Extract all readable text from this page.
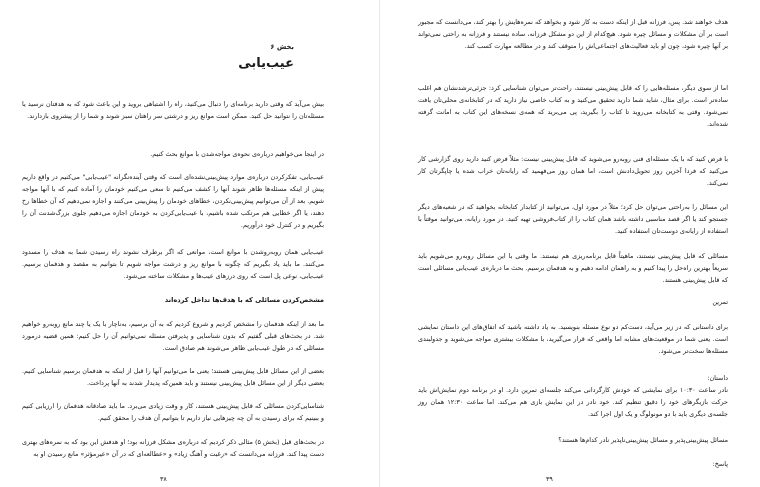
بخش ۶
عیب‌یابی
بیش می‌آید که وقتی دارید برنامه‌ای را دنبال می‌کنید، راه را اشتباهی بروید و این باعث شود که به هدفتان نرسید یا مسئله‌تان را نتوانید حل کنید. ممکن است موانع ریز و درشتی سر راهتان سبز شوند و شما را از پیشروی بازدارند.
در اینجا می‌خواهیم درباره‌ی نحوه‌ی مواجه‌شدن با موانع بحث کنیم.
عیب‌یابی، تفکرکردن درباره‌ی موارد پیش‌بینی‌نشده‌ای است که وقتی آینده‌نگرانه "عیب‌یابی" می‌کنیم در واقع داریم پیش از اینکه مسئله‌ها ظاهر شوند آنها را کشف می‌کنیم تا سعی می‌کنیم خودمان را آماده کنیم که با آنها مواجه شویم. بعد از آن می‌توانیم پیش‌بینی‌نکردن، خطاهای خودمان را پیش‌بینی می‌کنند و اجازه نمی‌دهیم که آن خطاها رخ دهند، یا اگر خطایی هم مرتکب شده باشیم، با عیب‌یابی‌کردن به خودمان اجازه می‌دهیم جلوی بزرگ‌شدنت آن را بگیریم و در کنترل خود درآوریم.
عیب‌یابی همان روبه‌روشدن با موانع است، موانعی که اگر برطرف نشوند راه رسیدن شما به هدف را مسدود می‌کنند. ما باید یاد بگیریم که چگونه با موانع ریز و درشت مواجه شویم تا بتوانیم به مقصد و هدفمان برسیم. عیب‌یابی، نوعی پل است که روی درزهای عیب‌ها و مشکلات ساخته می‌شود.
مشخص‌کردن مسائلی که با هدف‌ها تداخل کرده‌اند
ما بعد از اینکه هدفمان را مشخص کردیم و شروع کردیم که به آن برسیم، به‌ناچار با یک یا چند مانع روبه‌رو خواهیم شد. در بحث‌های قبلی گفتیم که بدون شناسایی و پذیرفتن مسئله نمی‌توانیم آن را حل کنیم: همین قضیه درمورد مسائلی که در طول عیب‌یابی ظاهر می‌شوند هم صادق است.
بعضی از این مسائل قابل پیش‌بینی هستند؛ یعنی ما می‌توانیم آنها را قبل از اینکه به هدفمان برسیم شناسایی کنیم. بعضی دیگر از این مسائل قابل پیش‌بینی نیستند و باید همین‌که پدیدار شدند به آنها پرداخت.
شناسایی‌کردن مسائلی که قابل پیش‌بینی هستند، کار و وقت زیادی می‌برد. ما باید صادقانه هدفمان را ارزیابی کنیم و ببینیم که برای رسیدن به آن چه چیزهایی نیاز داریم تا بتوانیم آن هدف را محقق کنیم.
در بحث‌های قبل (بخش ۵) مثالی ذکر کردیم که درباره‌ی مشکل فرزانه بود؛ او هدفش این بود که به نمره‌های بهتری دست پیدا کند. فرزانه می‌دانست که «رغبت و آهنگ زیاد» و «عطالعه‌ای که در آن «عیرمؤثر» مانع رسیدن او به
۳۸
هدف خواهند شد. پس، فرزانه قبل از اینکه دست به کار شود و بخواهد که نمره‌هایش را بهتر کند، می‌دانست که مجبور است بر آن مشکلات و مسائل چیره شود. هیچ‌کدام از این دو مشکل فرزانه، ساده نیستند و فرزانه به راحتی نمی‌تواند بر آنها چیره شود، چون او باید فعالیت‌های اجتماعی‌اش را متوقف کند و در مطالعه مهارت کسب کند.
اما از سوی دیگر، مسئله‌هایی را که قابل پیش‌بینی نیستند، راحت‌تر می‌توان شناسایی کرد: جزئی‌ترشدنشان هم اغلب ساده‌تر است. برای مثال، شاید شما دارید تحقیق می‌کنید و به کتاب خاصی نیاز دارید که در کتابخانه‌ی محلی‌تان یافت نمی‌شود. وقتی به کتابخانه می‌روید تا کتاب را بگیرید، پی می‌برید که همه‌ی نسخه‌های این کتاب به امانت گرفته شده‌اند.
با فرض کنید که با یک مسئله‌ای فنی روبه‌رو می‌شوید که قابل پیش‌بینی نیست: مثلاً فرض کنید دارید روی گزارشی کار می‌کنید که فردا آخرین روز تحویل‌دادنش است، اما همان روز می‌فهمید که رایانه‌تان خراب شده یا چاپگرتان کار نمی‌کند.
این مسائل را به‌راحتی می‌توان حل کرد؛ مثلاً در مورد اول، می‌توانید از کتابدار کتابخانه بخواهید که در شعبه‌های دیگر جستجو کند یا اگر قصد مناسبی داشته باشد همان کتاب را از کتاب‌فروشی تهیه کنید. در مورد رایانه، می‌توانید موقتاً با استفاده از رایانه‌ی دوست‌تان استفاده کنید.
مسائلی که قابل پیش‌بینی نیستند، ماهیتاً قابل برنامه‌ریزی هم نیستند. ما وقتی با این مسائل روبه‌رو می‌شویم باید سریعاً بهترین راه‌حل را پیدا کنیم و به راهمان ادامه دهیم و به هدفمان برسیم. بحث ما درباره‌ی عیب‌یابی مسائلی است که قابل پیش‌بینی هستند.
تمرین
برای داستانی که در زیر می‌آید، دست‌کم دو نوع مسئله بنویسید. به یاد داشته باشید که اتفاق‌های این داستان نمایشی است. یعنی شما در موقعیت‌های مشابه اما واقعی که قرار می‌گیرید، با مشکلات بیشتری مواجه می‌شوید و جدولبندی مسئله‌ها سخت‌تر می‌شود.
داستان:
نادر ساعت ۱۰:۳۰ برای نمایشی که خودش کارگردانی می‌کند جلسه‌ای تمرین دارد. او در برنامه دوم نمایش‌اش باید حرکت بازیگرهای خود را دقیق تنظیم کند. خود نادر در این نمایش بازی هم می‌کند. اما ساعت ۱۲:۳۰ همان روز جلسه‌ی دیگری باید با دو مونولوگ و یک اول اجرا کند.
مسائل پیش‌بینی‌پذیر و مسائل پیش‌بینی‌ناپذیر نادر کدام‌ها هستند؟
پاسخ:
۳۹
